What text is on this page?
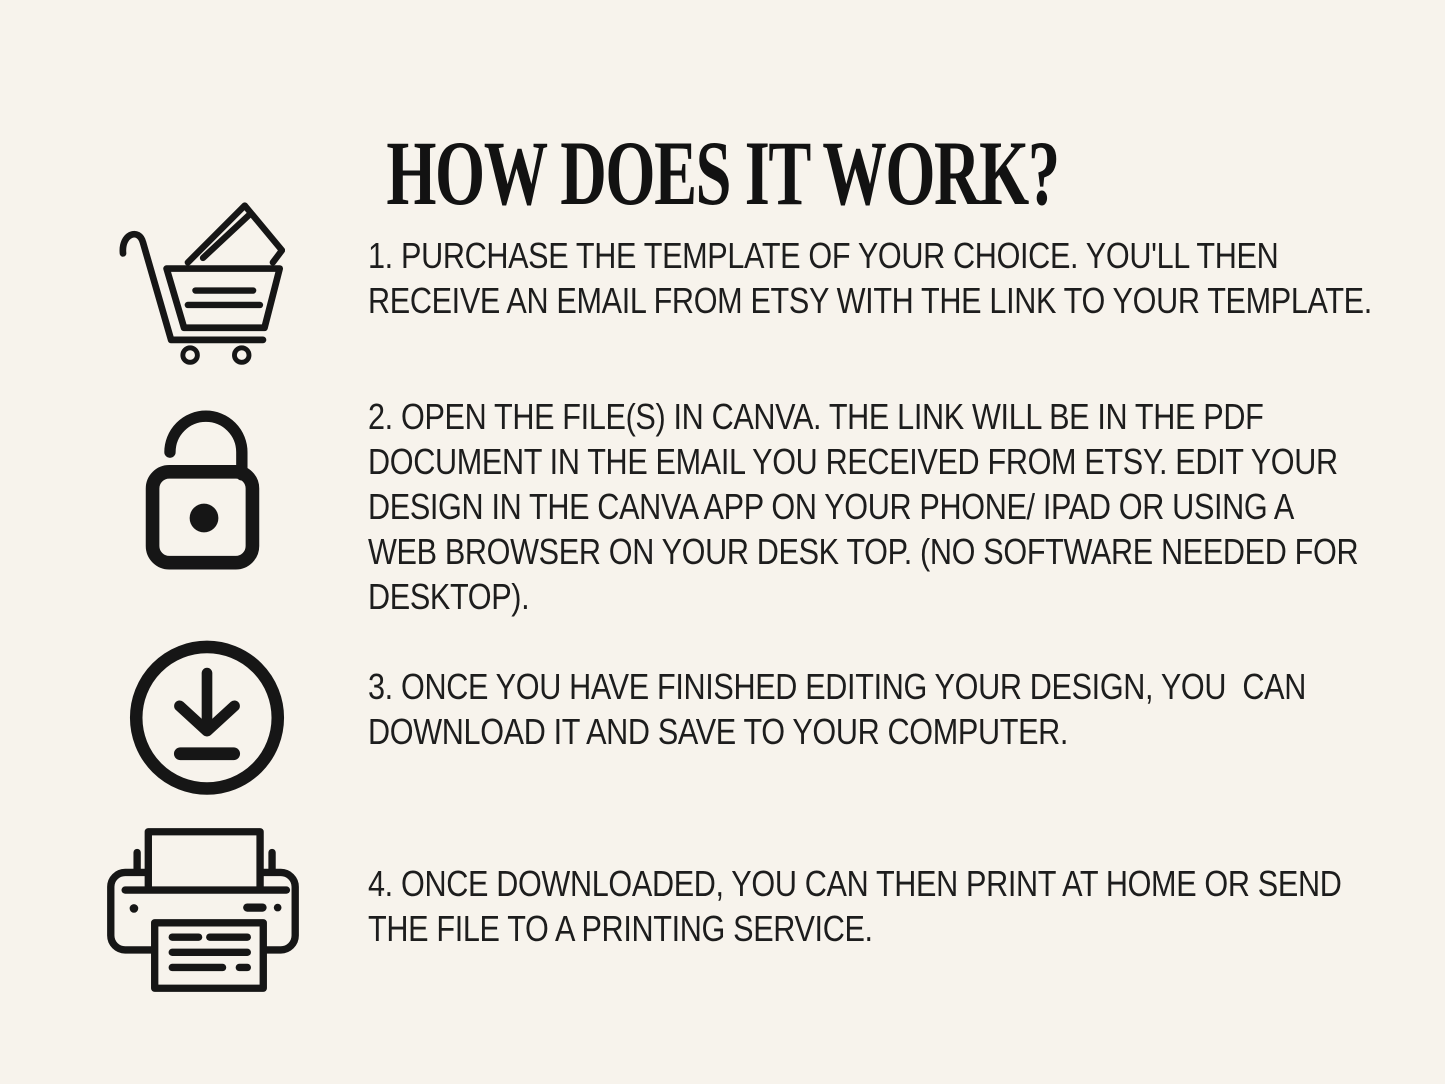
HOW DOES IT WORK?
1. PURCHASE THE TEMPLATE OF YOUR CHOICE. YOU'LL THEN
RECEIVE AN EMAIL FROM ETSY WITH THE LINK TO YOUR TEMPLATE.
2. OPEN THE FILE(S) IN CANVA. THE LINK WILL BE IN THE PDF
DOCUMENT IN THE EMAIL YOU RECEIVED FROM ETSY. EDIT YOUR
DESIGN IN THE CANVA APP ON YOUR PHONE/ IPAD OR USING A
WEB BROWSER ON YOUR DESK TOP. (NO SOFTWARE NEEDED FOR
DESKTOP).
3. ONCE YOU HAVE FINISHED EDITING YOUR DESIGN, YOU  CAN
DOWNLOAD IT AND SAVE TO YOUR COMPUTER.
4. ONCE DOWNLOADED, YOU CAN THEN PRINT AT HOME OR SEND
THE FILE TO A PRINTING SERVICE.
